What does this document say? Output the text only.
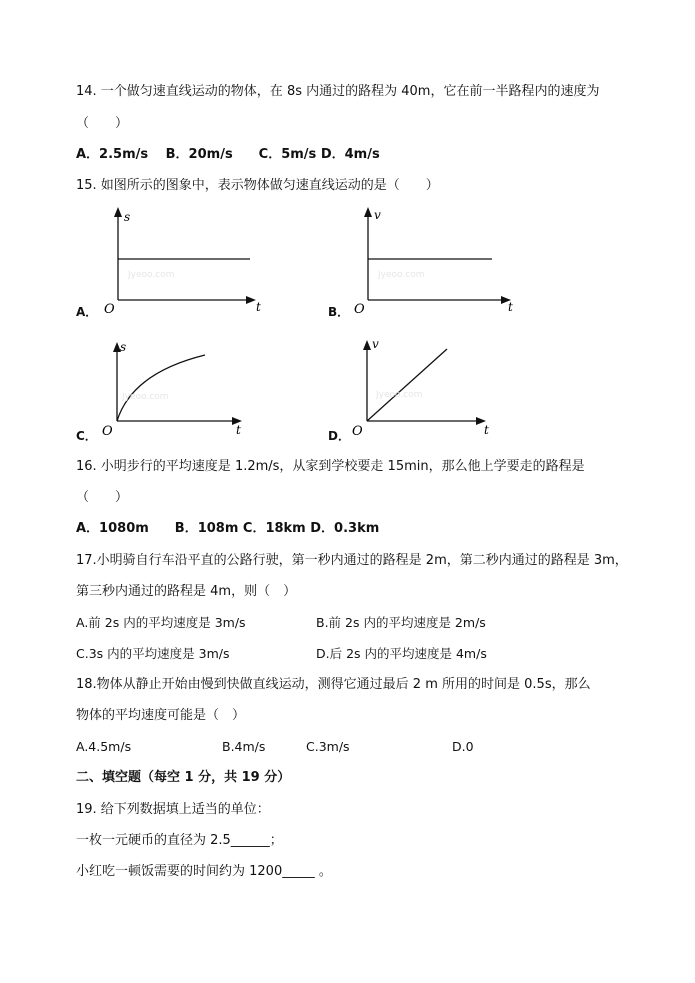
14. 一个做匀速直线运动的物体，在 8s 内通过的路程为 40m，它在前一半路程内的速度为
（　　）
A．2.5m/s　 B．20m/s　　C．5m/s D．4m/s
15. 如图所示的图象中，表示物体做匀速直线运动的是（　　）
A．
s
t
O
Jyeoo.com
B．
v
t
O
Jyeoo.com
C．
s
t
O
Jyeoo.com
D．
v
t
O
Jyeoo.com
16. 小明步行的平均速度是 1.2m/s，从家到学校要走 15min，那么他上学要走的路程是
（　　）
A．1080m　　B．108m C．18km D．0.3km
17.小明骑自行车沿平直的公路行驶，第一秒内通过的路程是 2m，第二秒内通过的路程是 3m，
第三秒内通过的路程是 4m，则（　）
A.前 2s 内的平均速度是 3m/s	B.前 2s 内的平均速度是 2m/s
C.3s 内的平均速度是 3m/s	D.后 2s 内的平均速度是 4m/s
18.物体从静止开始由慢到快做直线运动，测得它通过最后 2 m 所用的时间是 0.5s，那么
物体的平均速度可能是（　）
A.4.5m/s	B.4m/s	C.3m/s	D.0
二、填空题（每空 1 分，共 19 分）
19. 给下列数据填上适当的单位：
一枚一元硬币的直径为 2.5______；
小红吃一顿饭需要的时间约为 1200_____ 。
